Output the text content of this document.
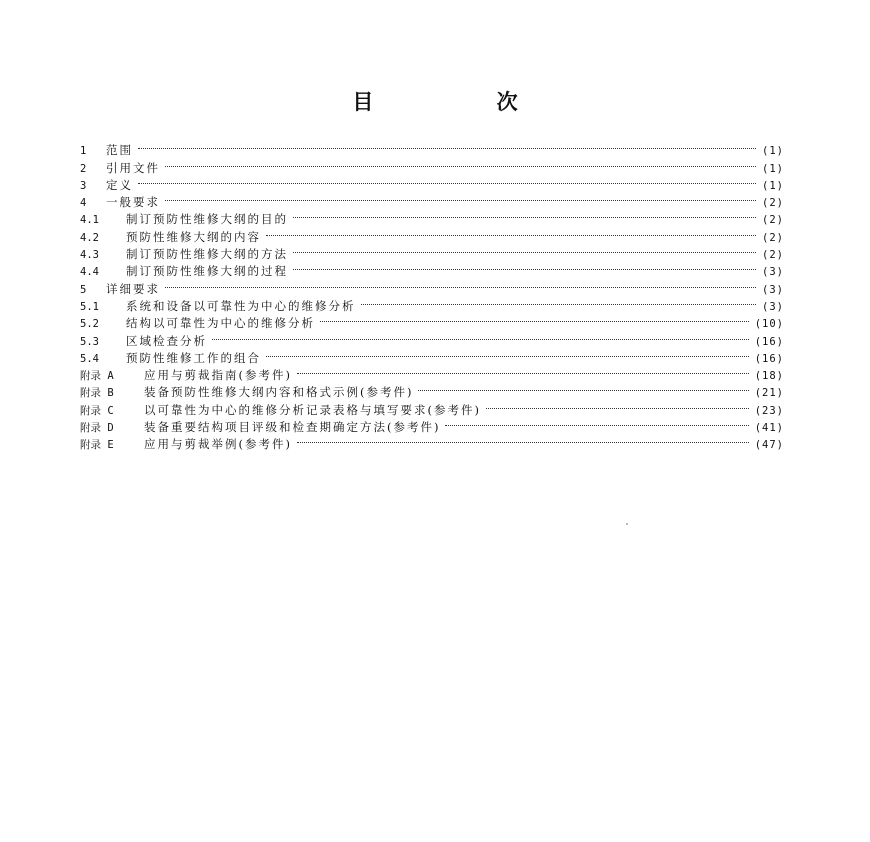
目 次
1	范围	(1)
2	引用文件	(1)
3	定义	(1)
4	一般要求	(2)
4.1	制订预防性维修大纲的目的	(2)
4.2	预防性维修大纲的内容	(2)
4.3	制订预防性维修大纲的方法	(2)
4.4	制订预防性维修大纲的过程	(3)
5	详细要求	(3)
5.1	系统和设备以可靠性为中心的维修分析	(3)
5.2	结构以可靠性为中心的维修分析	(10)
5.3	区域检查分析	(16)
5.4	预防性维修工作的组合	(16)
附录 A	应用与剪裁指南(参考件)	(18)
附录 B	装备预防性维修大纲内容和格式示例(参考件)	(21)
附录 C	以可靠性为中心的维修分析记录表格与填写要求(参考件)	(23)
附录 D	装备重要结构项目评级和检查期确定方法(参考件)	(41)
附录 E	应用与剪裁举例(参考件)	(47)
